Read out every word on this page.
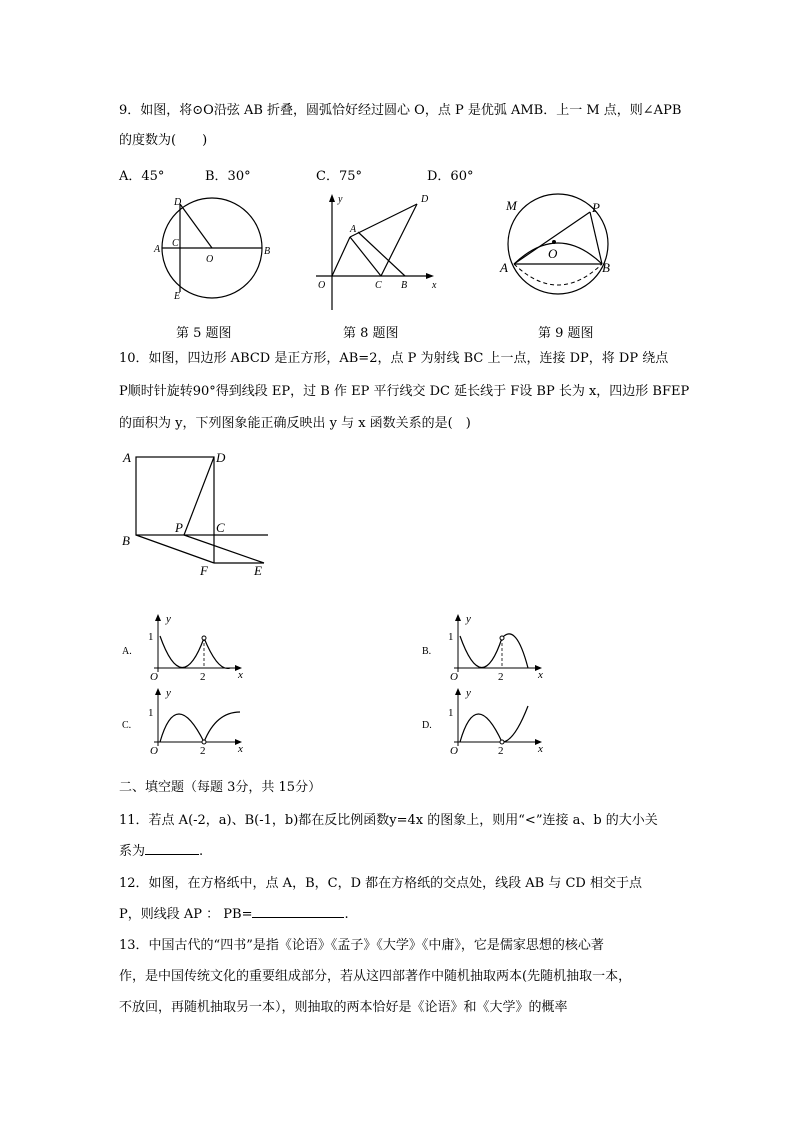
9．如图，将⊙O沿弦 AB 折叠，圆弧恰好经过圆心 O，点 P 是优弧 AMB．上一 M 点，则∠APB
的度数为(　　)
A．45°	B．30°	C．75°	D．60°
D
A
C
O
B
E
第 5 题图
y
A
D
O	C B x
第 8 题图
M	P
O
A	B
第 9 题图
10．如图，四边形 ABCD 是正方形，AB=2，点 P 为射线 BC 上一点，连接 DP，将 DP 绕点
P顺时针旋转90°得到线段 EP，过 B 作 EP 平行线交 DC 延长线于 F设 BP 长为 x，四边形 BFEP
的面积为 y，下列图象能正确反映出 y 与 x 函数关系的是(　)
A	D
P	C
B
F	E
A.
y
1
O	2	x
B.
y
1
O	2	x
C.
y
1
O	2	x
D.
y
1
O	2	x
二、填空题（每题 3分，共 15分）
11．若点 A(-2，a)、B(-1，b)都在反比例函数y=4x 的图象上，则用“<”连接 a、b 的大小关
系为	.
12．如图，在方格纸中，点 A，B，C，D 都在方格纸的交点处，线段 AB 与 CD 相交于点
P，则线段 AP ： PB=	.
13．中国古代的“四书”是指《论语》《孟子》《大学》《中庸》，它是儒家思想的核心著
作，是中国传统文化的重要组成部分，若从这四部著作中随机抽取两本(先随机抽取一本，
不放回，再随机抽取另一本），则抽取的两本恰好是《论语》和《大学》的概率
